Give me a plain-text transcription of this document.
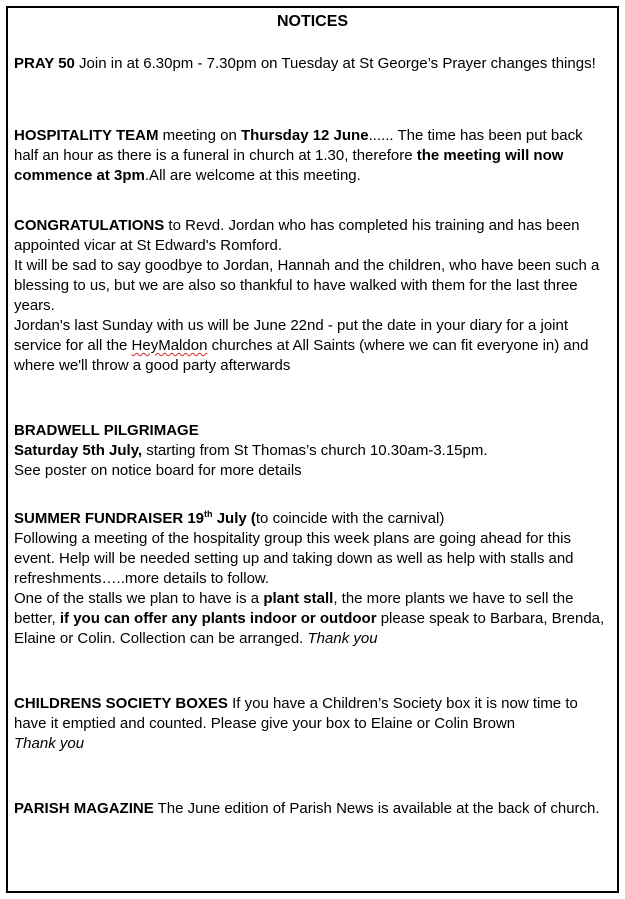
NOTICES

PRAY 50 Join in at 6.30pm - 7.30pm on Tuesday at St George’s Prayer changes things!

HOSPITALITY TEAM meeting on Thursday 12 June...... The time has been put back half an hour as there is a funeral in church at 1.30, therefore the meeting will now commence at 3pm.All are welcome at this meeting.

CONGRATULATIONS to Revd. Jordan who has completed his training and has been appointed vicar at St Edward's Romford.

It will be sad to say goodbye to Jordan, Hannah and the children, who have been such a blessing to us, but we are also so thankful to have walked with them for the last three years.

Jordan's last Sunday with us will be June 22nd - put the date in your diary for a joint service for all the HeyMaldon churches at All Saints (where we can fit everyone in) and where we'll throw a good party afterwards

BRADWELL PILGRIMAGE

Saturday 5th July, starting from St Thomas’s church 10.30am-3.15pm.

See poster on notice board for more details

SUMMER FUNDRAISER 19th July (to coincide with the carnival)

Following a meeting of the hospitality group this week plans are going ahead for this event. Help will be needed setting up and taking down as well as help with stalls and refreshments…..more details to follow.

One of the stalls we plan to have is a plant stall, the more plants we have to sell the better, if you can offer any plants indoor or outdoor please speak to Barbara, Brenda, Elaine or Colin. Collection can be arranged. Thank you

CHILDRENS SOCIETY BOXES If you have a Children’s Society box it is now time to have it emptied and counted. Please give your box to Elaine or Colin Brown

Thank you

PARISH MAGAZINE The June edition of Parish News is available at the back of church.
